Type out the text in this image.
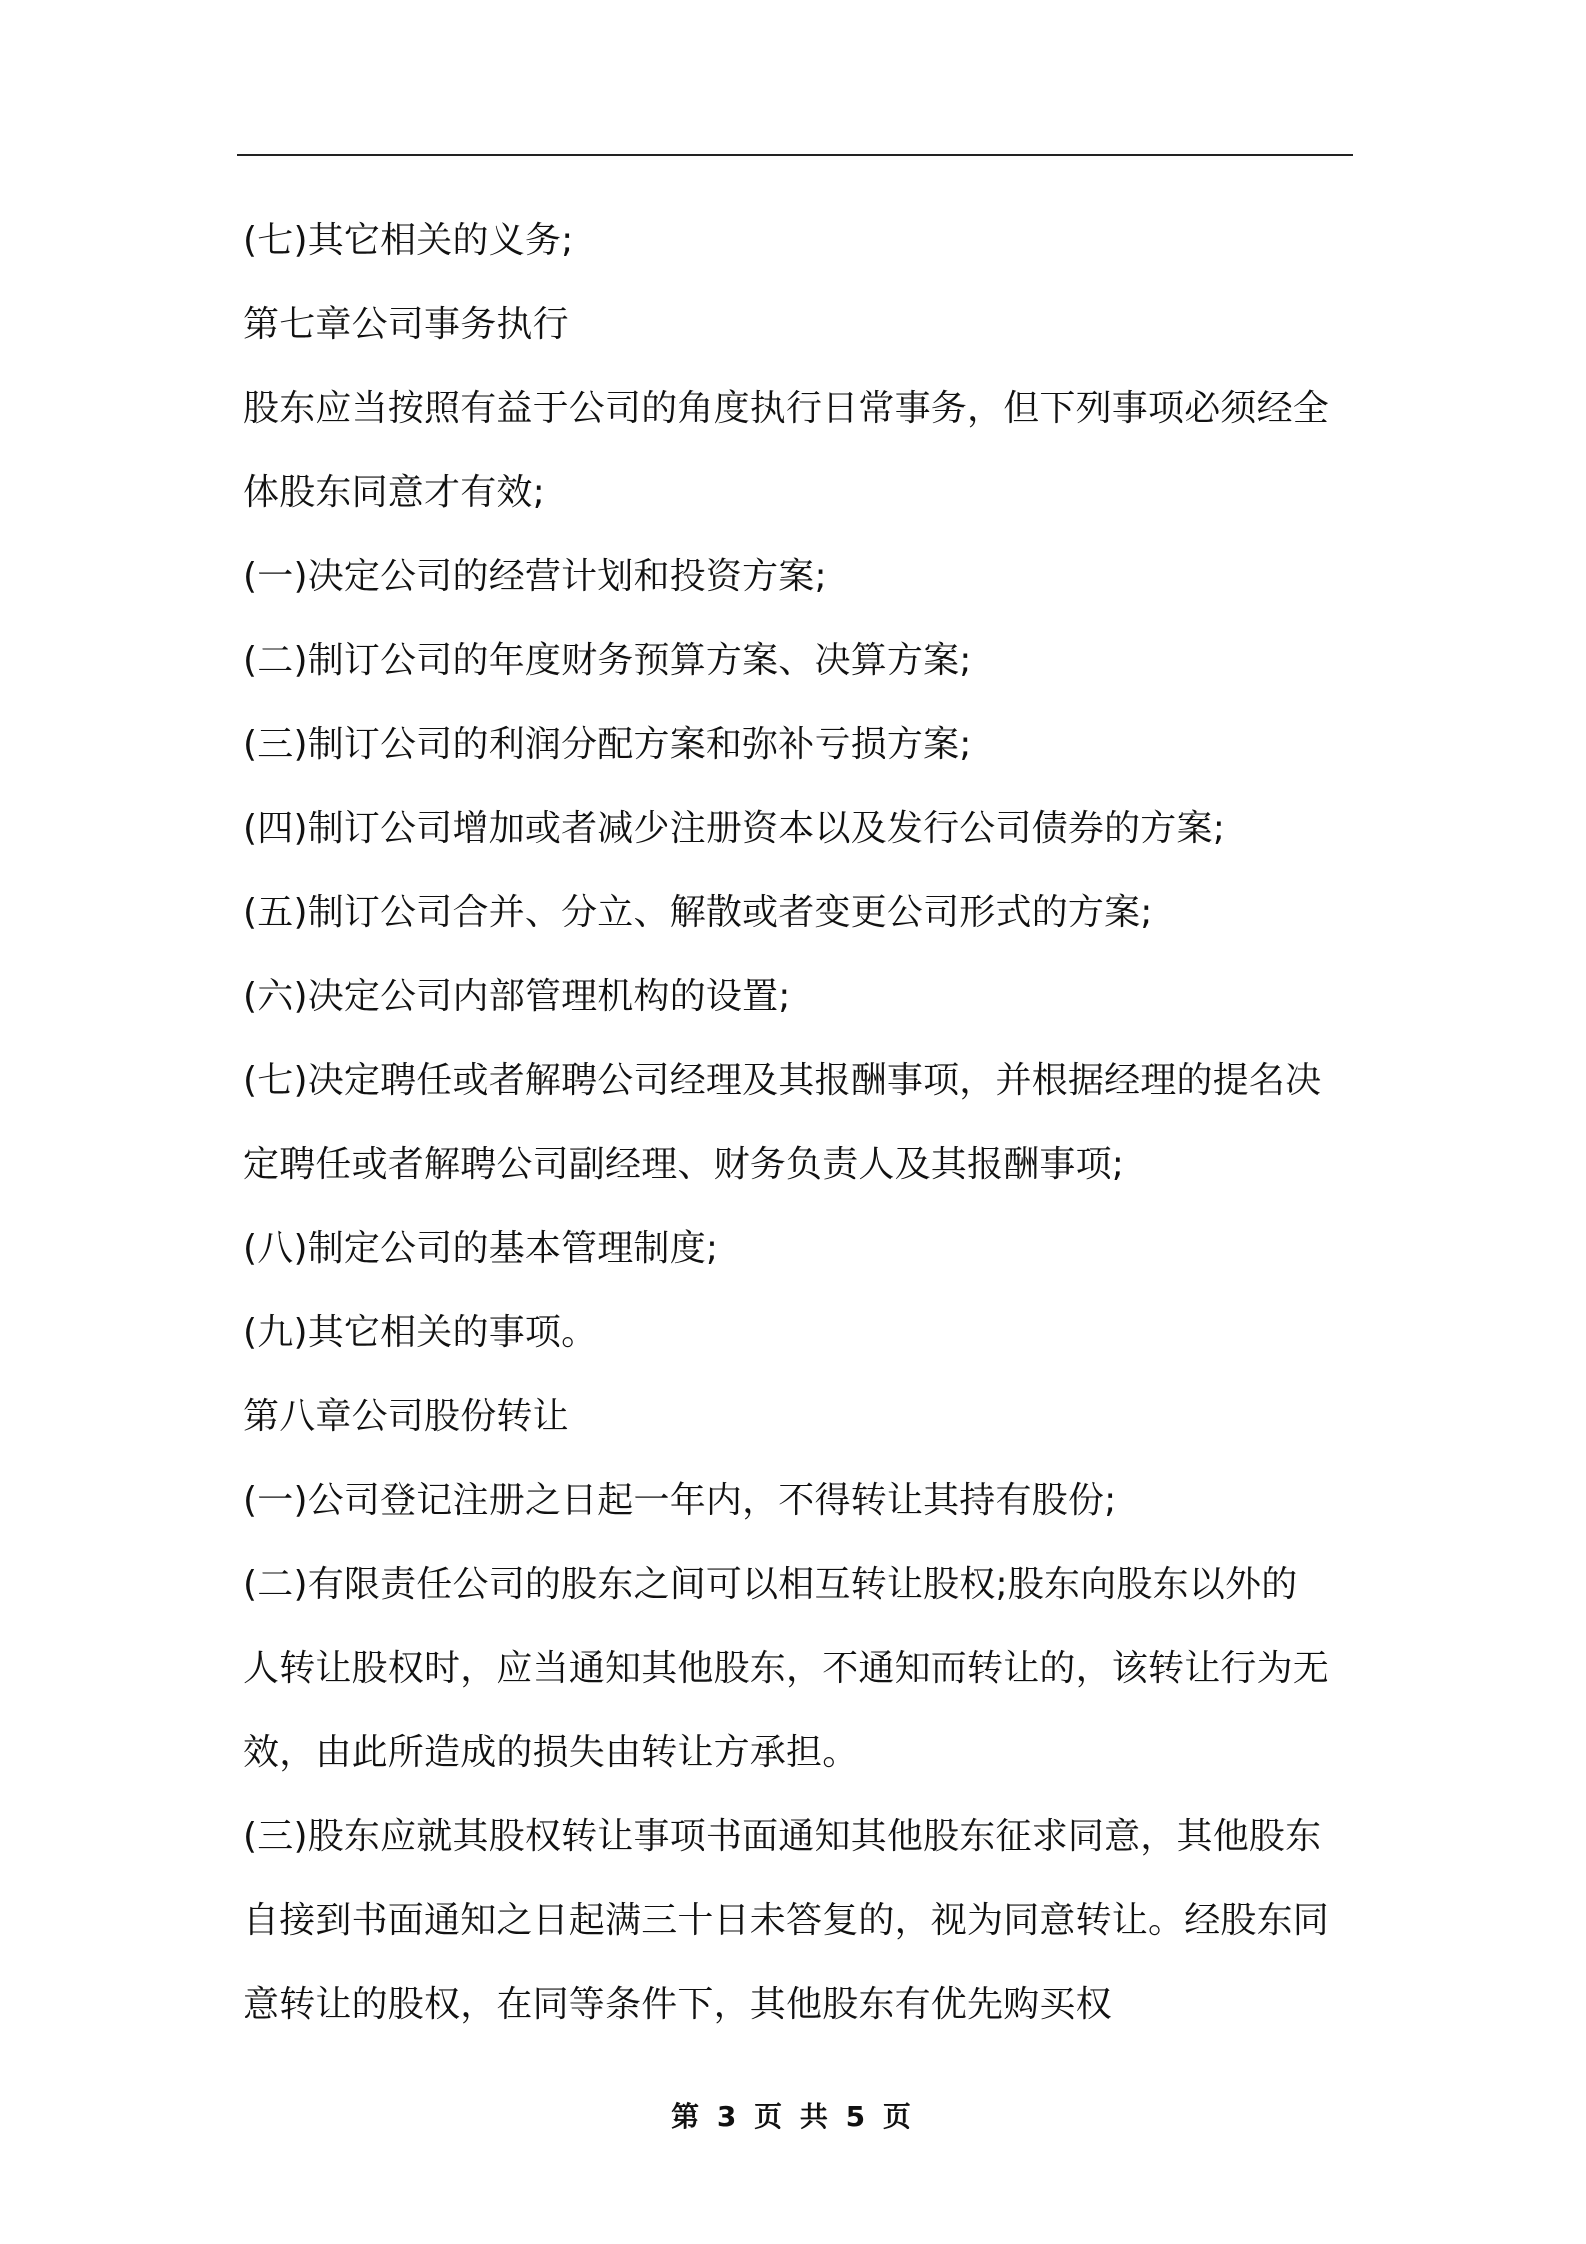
(七)其它相关的义务;
第七章公司事务执行
股东应当按照有益于公司的角度执行日常事务，但下列事项必须经全
体股东同意才有效;
(一)决定公司的经营计划和投资方案;
(二)制订公司的年度财务预算方案、决算方案;
(三)制订公司的利润分配方案和弥补亏损方案;
(四)制订公司增加或者减少注册资本以及发行公司债券的方案;
(五)制订公司合并、分立、解散或者变更公司形式的方案;
(六)决定公司内部管理机构的设置;
(七)决定聘任或者解聘公司经理及其报酬事项，并根据经理的提名决
定聘任或者解聘公司副经理、财务负责人及其报酬事项;
(八)制定公司的基本管理制度;
(九)其它相关的事项。
第八章公司股份转让
(一)公司登记注册之日起一年内，不得转让其持有股份;
(二)有限责任公司的股东之间可以相互转让股权;股东向股东以外的
人转让股权时，应当通知其他股东，不通知而转让的，该转让行为无
效，由此所造成的损失由转让方承担。
(三)股东应就其股权转让事项书面通知其他股东征求同意，其他股东
自接到书面通知之日起满三十日未答复的，视为同意转让。经股东同
意转让的股权，在同等条件下，其他股东有优先购买权
第 3 页 共 5 页
